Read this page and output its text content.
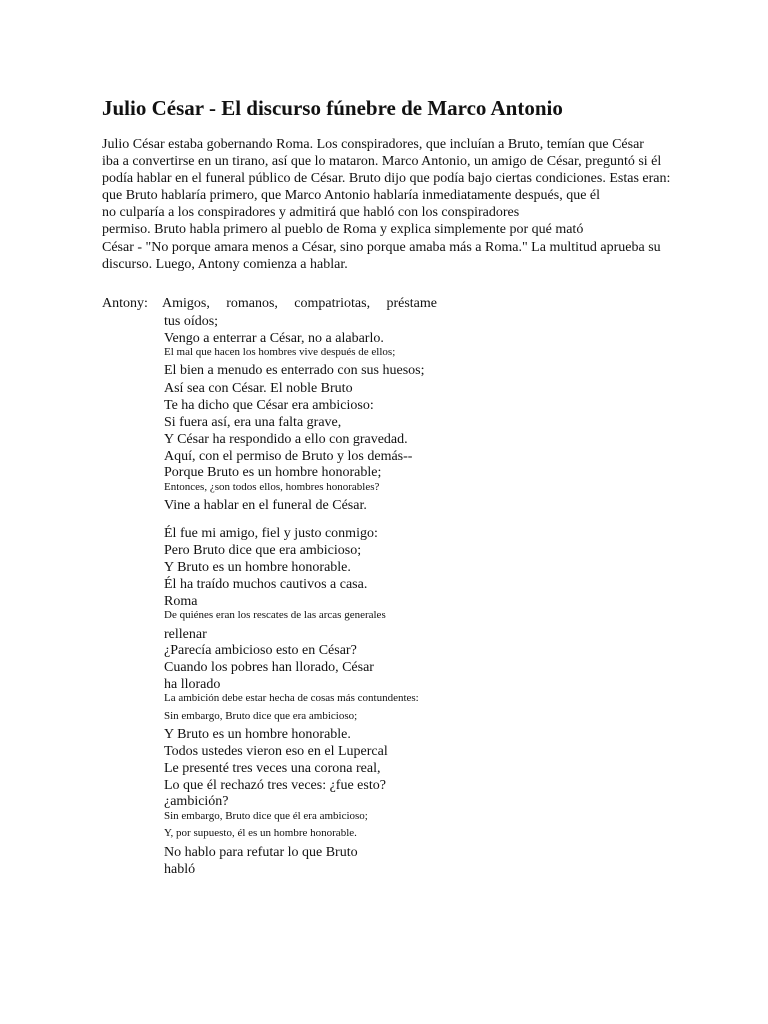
Julio César - El discurso fúnebre de Marco Antonio
Julio César estaba gobernando Roma. Los conspiradores, que incluían a Bruto, temían que César
iba a convertirse en un tirano, así que lo mataron. Marco Antonio, un amigo de César, preguntó si él
podía hablar en el funeral público de César. Bruto dijo que podía bajo ciertas condiciones. Estas eran:
que Bruto hablaría primero, que Marco Antonio hablaría inmediatamente después, que él
no culparía a los conspiradores y admitirá que habló con los conspiradores
permiso. Bruto habla primero al pueblo de Roma y explica simplemente por qué mató
César - "No porque amara menos a César, sino porque amaba más a Roma." La multitud aprueba su
discurso. Luego, Antony comienza a hablar.
Antony: Amigos, romanos, compatriotas, préstame
tus oídos;
Vengo a enterrar a César, no a alabarlo.
El mal que hacen los hombres vive después de ellos;
El bien a menudo es enterrado con sus huesos;
Así sea con César. El noble Bruto
Te ha dicho que César era ambicioso:
Si fuera así, era una falta grave,
Y César ha respondido a ello con gravedad.
Aquí, con el permiso de Bruto y los demás--
Porque Bruto es un hombre honorable;
Entonces, ¿son todos ellos, hombres honorables?
Vine a hablar en el funeral de César.
Él fue mi amigo, fiel y justo conmigo:
Pero Bruto dice que era ambicioso;
Y Bruto es un hombre honorable.
Él ha traído muchos cautivos a casa.
Roma
De quiénes eran los rescates de las arcas generales
rellenar
¿Parecía ambicioso esto en César?
Cuando los pobres han llorado, César
ha llorado
La ambición debe estar hecha de cosas más contundentes:
Sin embargo, Bruto dice que era ambicioso;
Y Bruto es un hombre honorable.
Todos ustedes vieron eso en el Lupercal
Le presenté tres veces una corona real,
Lo que él rechazó tres veces: ¿fue esto?
¿ambición?
Sin embargo, Bruto dice que él era ambicioso;
Y, por supuesto, él es un hombre honorable.
No hablo para refutar lo que Bruto
habló
